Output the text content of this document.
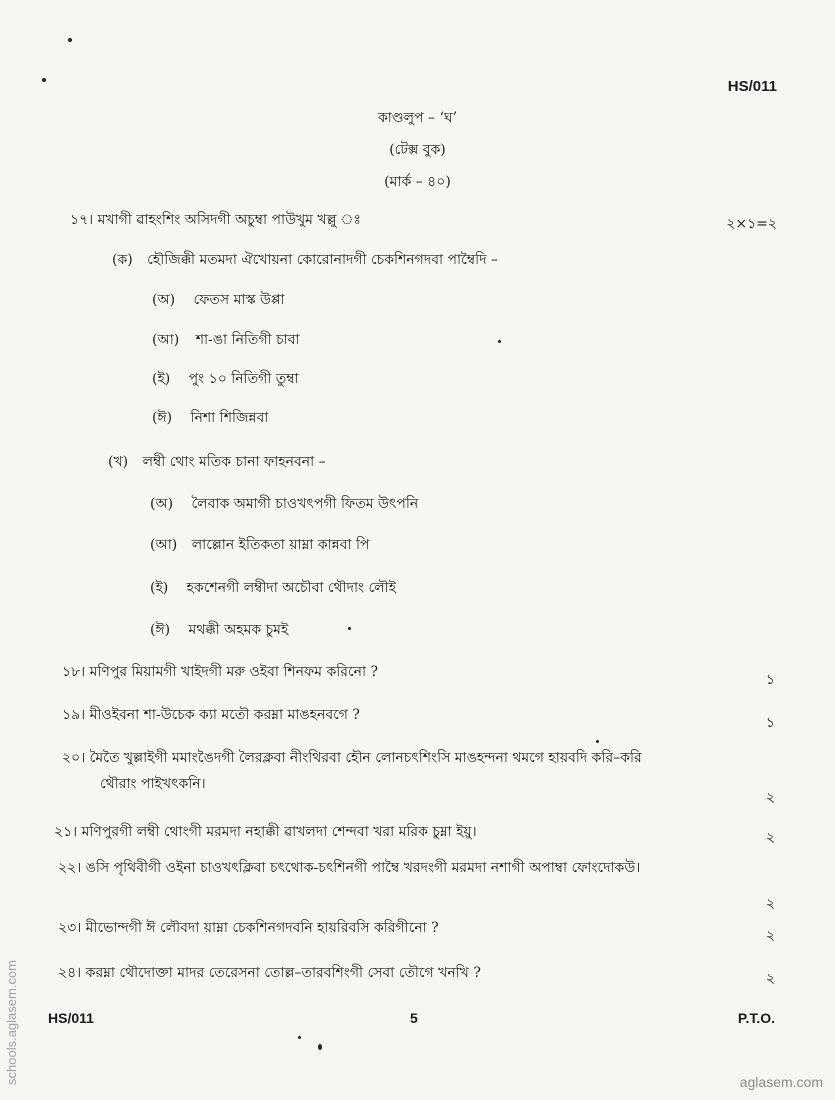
HS/011
কাণ্ডলুপ – ‘ঘ’
(টেক্স বুক)
(মার্ক – ৪০)
১৭। মখাগী ৱাহংশিং অসিদগী অচুম্বা পাউখুম খল্লু ঃ	২×১=২
(ক) হৌজিক্কী মতমদা ঐখোয়না কোরোনাদগী চেকশিনগদবা পাম্বৈদি –
(অ) ফেতস মাস্ক উপ্পা
(আ) শা-ঙা নিতিগী চাবা
(ই) পুং ১০ নিতিগী তুম্বা
(ঈ) নিশা শিজিন্নবা
(খ) লম্বী থোং মতিক চানা ফাহনবনা –
(অ) লৈবাক অমাগী চাওখৎপগী ফিতম উৎপনি
(আ) লাল্লোন ইতিকতা য়াম্না কান্নবা পি
(ই) হকশেনগী লম্বীদা অচৌবা থৌদাং লৌই
(ঈ) মথক্কী অহমক চুমই
১৮। মণিপুর মিয়ামগী খাইদগী মরু ওইবা শিনফম করিনো ?	১
১৯। মীওইবনা শা-উচেক ক্যা মতৌ করম্না মাঙহনবগে ?	১
২০। মৈতৈ খুল্লাইগী মমাংঙৈদগী লৈরক্লবা নীংথিরবা হৌন লোনচৎশিংসি মাঙহন্দনা থমগে হায়বদি করি–করি
থৌরাং পাইখৎকনি।
২
২১। মণিপুরগী লম্বী থোংগী মরমদা নহাক্কী ৱাখলদা শেন্দবা খরা মরিক চুম্না ইয়ু।	২
২২। ঙসি পৃথিবীগী ওইনা চাওখৎক্লিবা চৎথোক-চৎশিনগী পাম্বৈ খরদংগী মরমদা নশাগী অপাম্বা ফোংদোকউ।
২
২৩। মীভোন্দগী ঈ লৌবদা য়াম্না চেকশিনগদবনি হায়রিবসি করিগীনো ?	২
২৪। করম্না থৌদোক্তা মাদর তেরেসনা তোল্ল–তারবশিংগী সেবা তৌগে খনখি ?	২
HS/011	5	P.T.O.
schools.aglasem.com	aglasem.com
